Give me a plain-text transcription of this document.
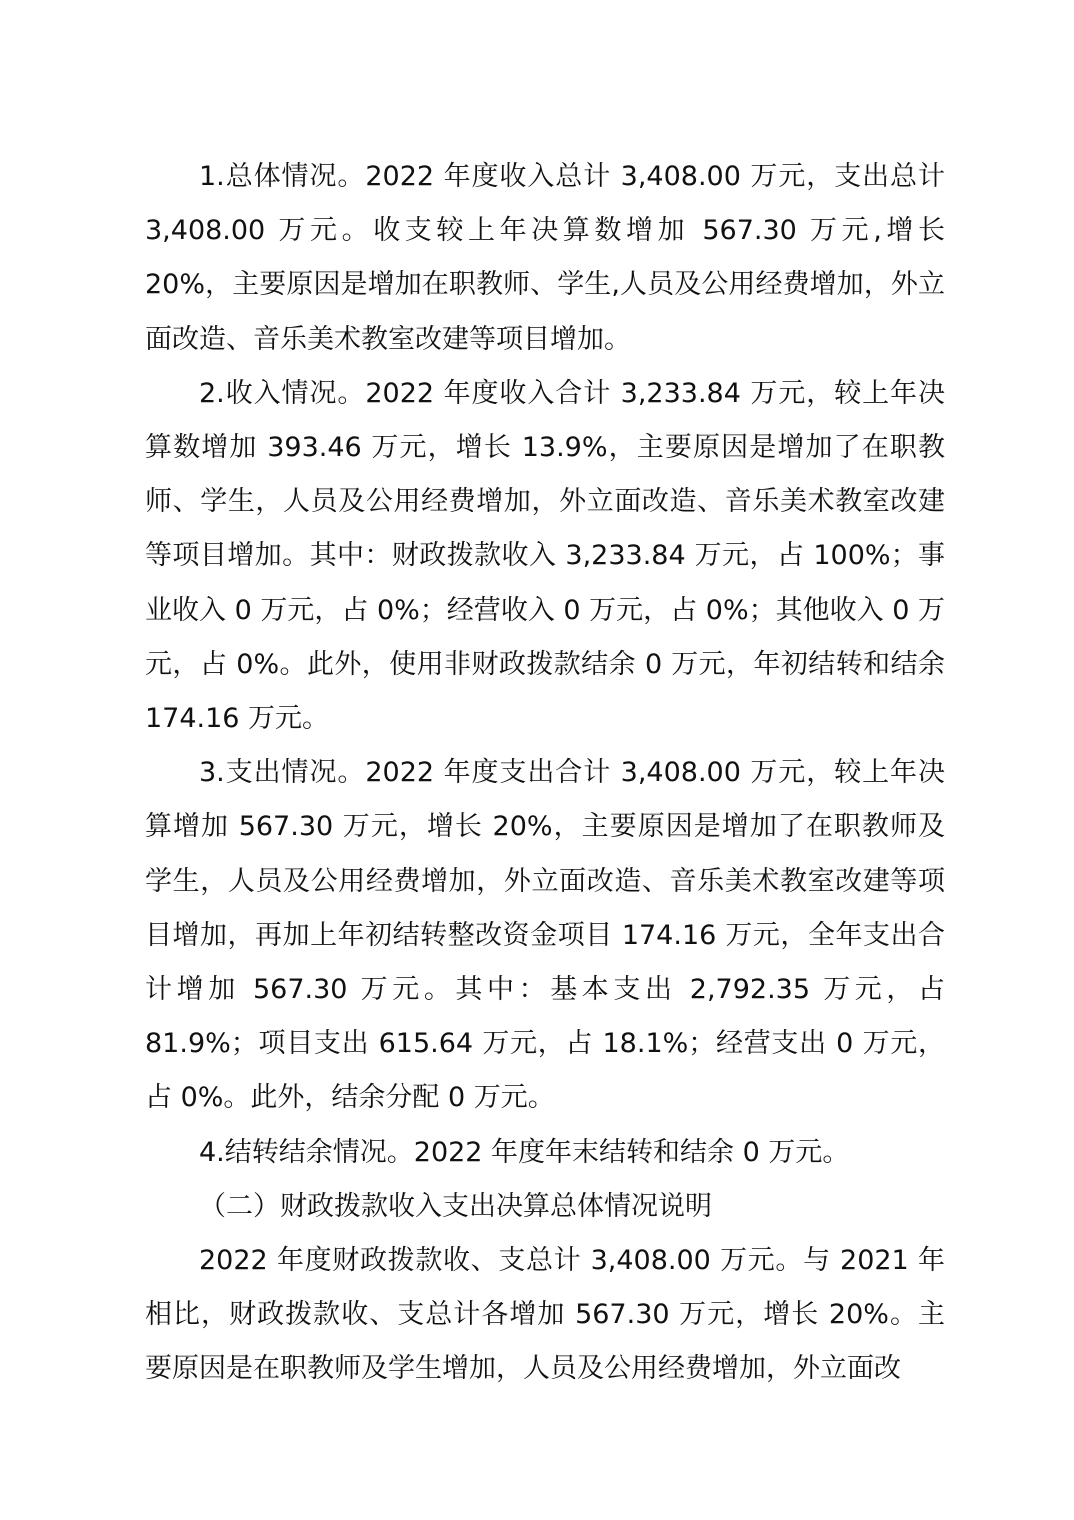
1.总体情况。2022 年度收入总计 3,408.00 万元，支出总计 3,408.00 万元。收支较上年决算数增加 567.30 万元,增长 20%，主要原因是增加在职教师、学生,人员及公用经费增加，外立面改造、音乐美术教室改建等项目增加。

2.收入情况。2022 年度收入合计 3,233.84 万元，较上年决算数增加 393.46 万元，增长 13.9%，主要原因是增加了在职教师、学生，人员及公用经费增加，外立面改造、音乐美术教室改建等项目增加。其中：财政拨款收入 3,233.84 万元，占 100%；事业收入 0 万元，占 0%；经营收入 0 万元，占 0%；其他收入 0 万元，占 0%。此外，使用非财政拨款结余 0 万元，年初结转和结余 174.16 万元。

3.支出情况。2022 年度支出合计 3,408.00 万元，较上年决算增加 567.30 万元，增长 20%，主要原因是增加了在职教师及学生，人员及公用经费增加，外立面改造、音乐美术教室改建等项目增加，再加上年初结转整改资金项目 174.16 万元，全年支出合计增加 567.30 万元。其中：基本支出 2,792.35 万元，占 81.9%；项目支出 615.64 万元，占 18.1%；经营支出 0 万元，占 0%。此外，结余分配 0 万元。

4.结转结余情况。2022 年度年末结转和结余 0 万元。

（二）财政拨款收入支出决算总体情况说明

2022 年度财政拨款收、支总计 3,408.00 万元。与 2021 年相比，财政拨款收、支总计各增加 567.30 万元，增长 20%。主要原因是在职教师及学生增加，人员及公用经费增加，外立面改
